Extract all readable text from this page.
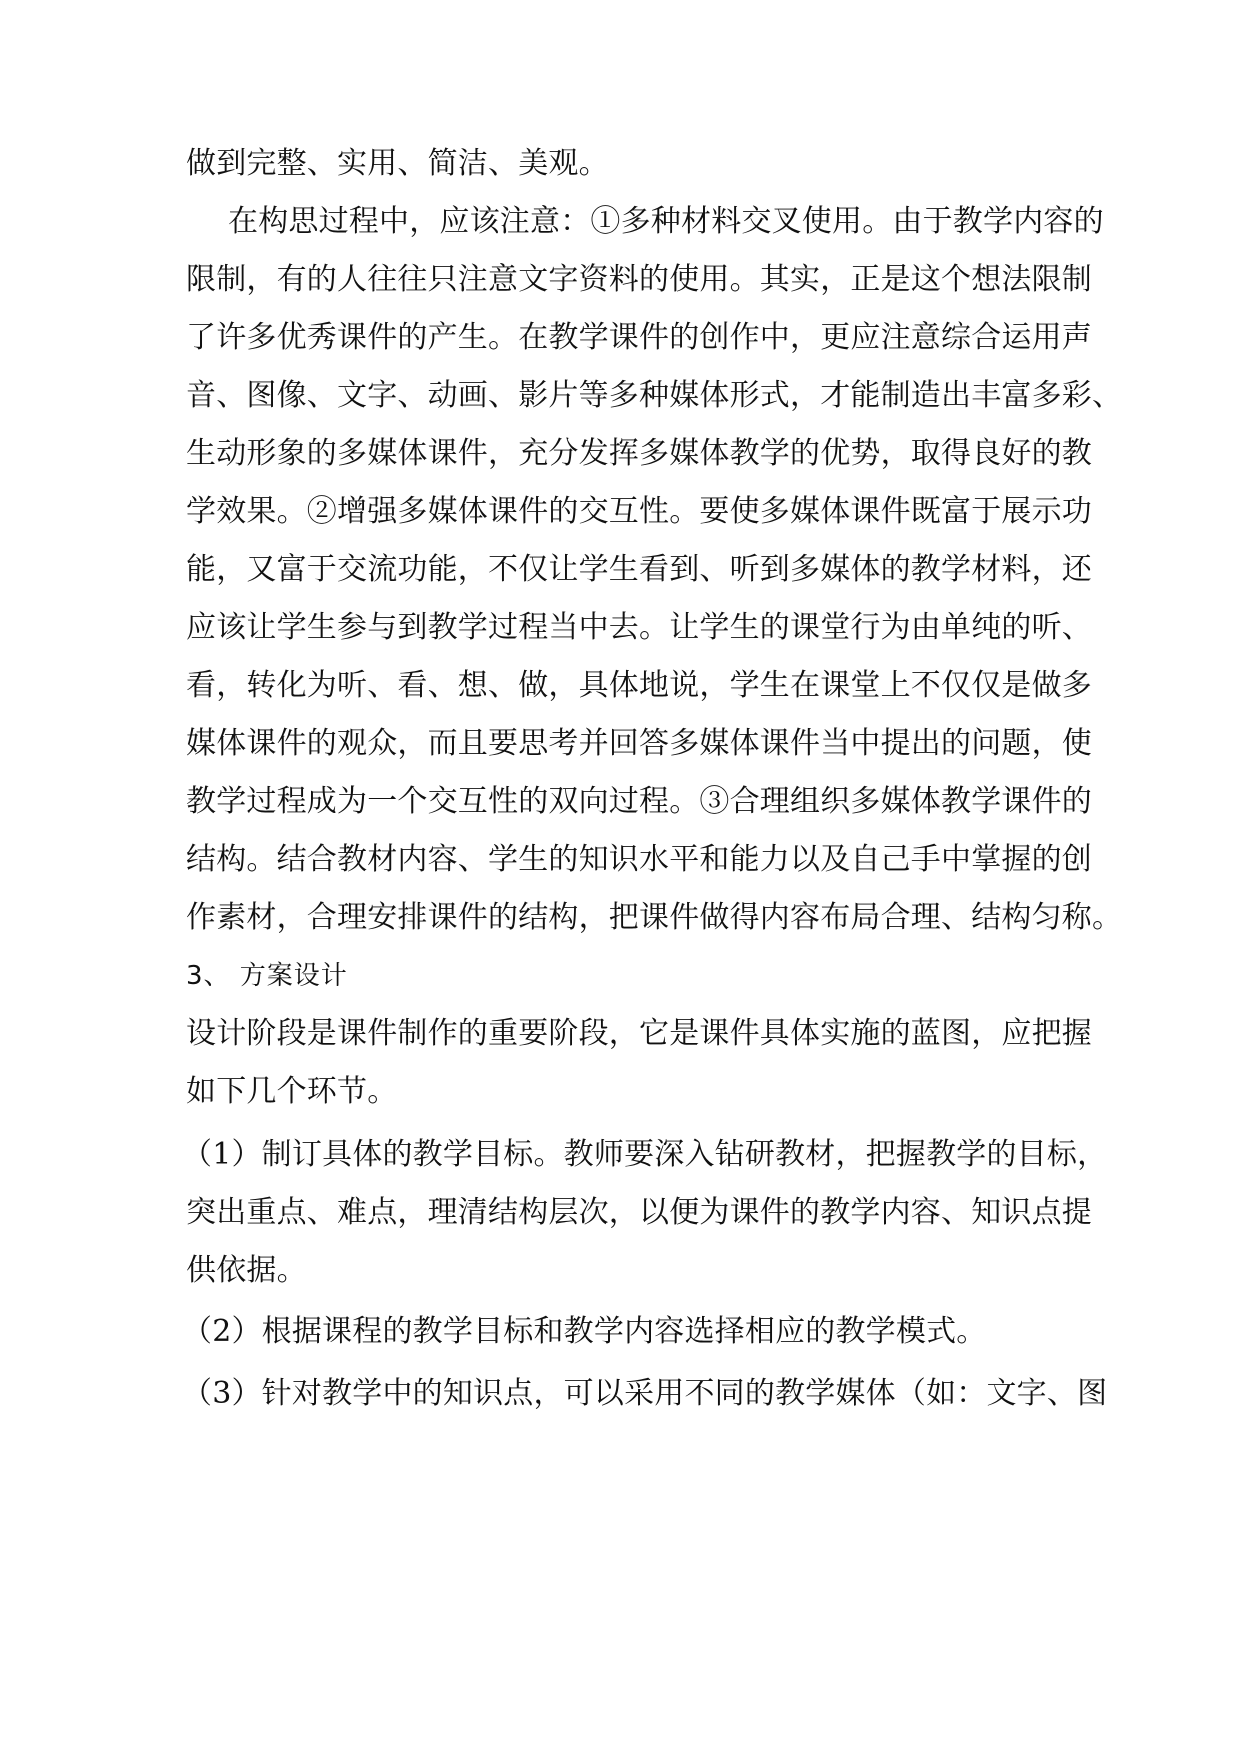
做到完整、实用、简洁、美观。
在构思过程中，应该注意：①多种材料交叉使用。由于教学内容的
限制，有的人往往只注意文字资料的使用。其实，正是这个想法限制
了许多优秀课件的产生。在教学课件的创作中，更应注意综合运用声
音、图像、文字、动画、影片等多种媒体形式，才能制造出丰富多彩、
生动形象的多媒体课件，充分发挥多媒体教学的优势，取得良好的教
学效果。②增强多媒体课件的交互性。要使多媒体课件既富于展示功
能，又富于交流功能，不仅让学生看到、听到多媒体的教学材料，还
应该让学生参与到教学过程当中去。让学生的课堂行为由单纯的听、
看，转化为听、看、想、做，具体地说，学生在课堂上不仅仅是做多
媒体课件的观众，而且要思考并回答多媒体课件当中提出的问题，使
教学过程成为一个交互性的双向过程。③合理组织多媒体教学课件的
结构。结合教材内容、学生的知识水平和能力以及自己手中掌握的创
作素材，合理安排课件的结构，把课件做得内容布局合理、结构匀称。
3、 方案设计
设计阶段是课件制作的重要阶段，它是课件具体实施的蓝图，应把握
如下几个环节。
（1）制订具体的教学目标。教师要深入钻研教材，把握教学的目标，
突出重点、难点，理清结构层次，以便为课件的教学内容、知识点提
供依据。
（2）根据课程的教学目标和教学内容选择相应的教学模式。
（3）针对教学中的知识点，可以采用不同的教学媒体（如：文字、图
